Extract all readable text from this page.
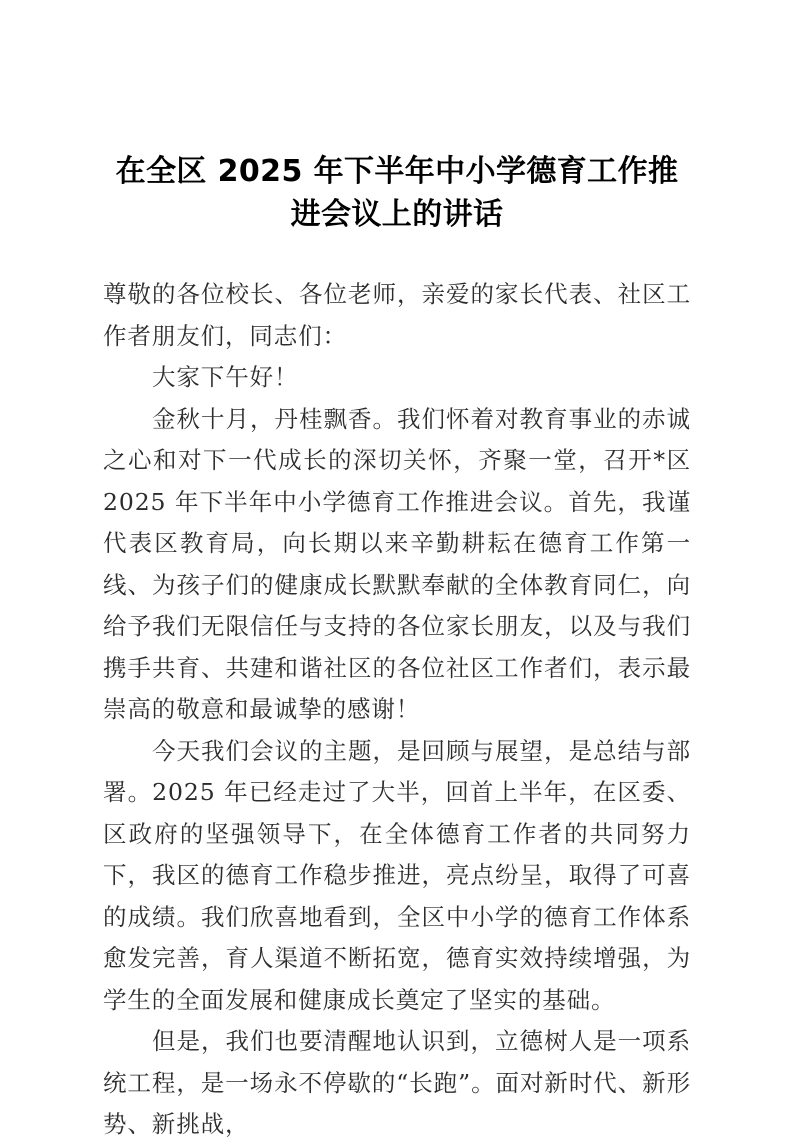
在全区 2025 年下半年中小学德育工作推进会议上的讲话

尊敬的各位校长、各位老师，亲爱的家长代表、社区工作者朋友们，同志们：

大家下午好！

金秋十月，丹桂飘香。我们怀着对教育事业的赤诚之心和对下一代成长的深切关怀，齐聚一堂，召开*区 2025 年下半年中小学德育工作推进会议。首先，我谨代表区教育局，向长期以来辛勤耕耘在德育工作第一线、为孩子们的健康成长默默奉献的全体教育同仁，向给予我们无限信任与支持的各位家长朋友，以及与我们携手共育、共建和谐社区的各位社区工作者们，表示最崇高的敬意和最诚挚的感谢！

今天我们会议的主题，是回顾与展望，是总结与部署。2025 年已经走过了大半，回首上半年，在区委、区政府的坚强领导下，在全体德育工作者的共同努力下，我区的德育工作稳步推进，亮点纷呈，取得了可喜的成绩。我们欣喜地看到，全区中小学的德育工作体系愈发完善，育人渠道不断拓宽，德育实效持续增强，为学生的全面发展和健康成长奠定了坚实的基础。

但是，我们也要清醒地认识到，立德树人是一项系统工程，是一场永不停歇的“长跑”。面对新时代、新形势、新挑战，
